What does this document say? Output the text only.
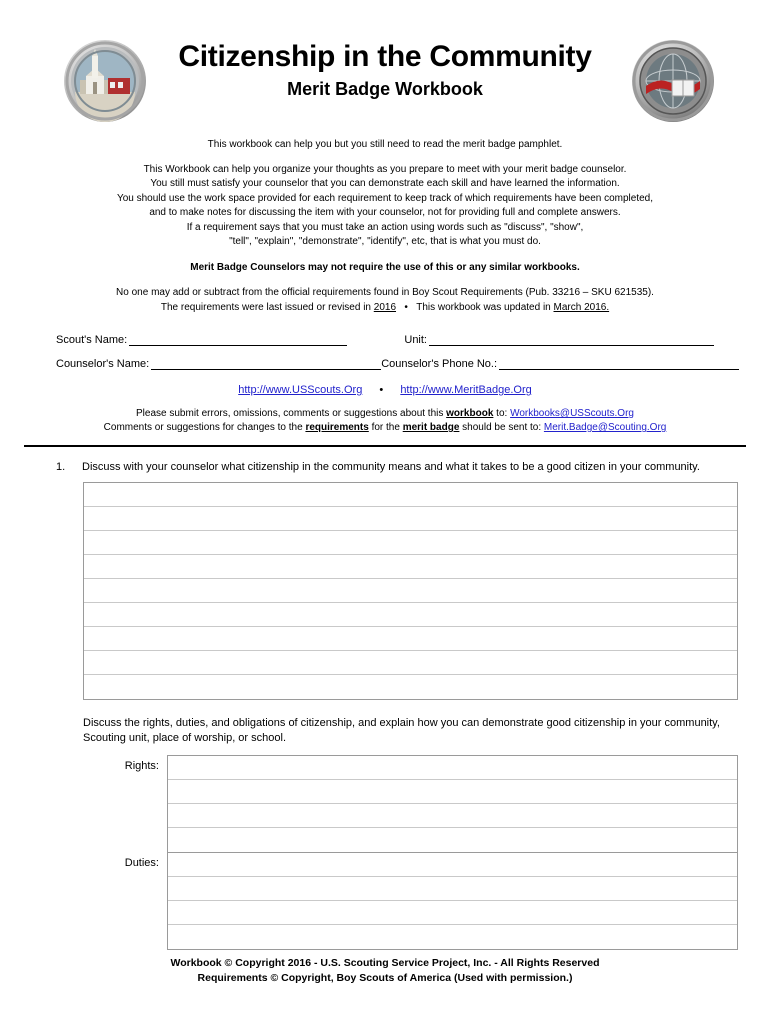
Citizenship in the Community
Merit Badge Workbook
This workbook can help you but you still need to read the merit badge pamphlet.
This Workbook can help you organize your thoughts as you prepare to meet with your merit badge counselor.
You still must satisfy your counselor that you can demonstrate each skill and have learned the information.
You should use the work space provided for each requirement to keep track of which requirements have been completed,
and to make notes for discussing the item with your counselor, not for providing full and complete answers.
If a requirement says that you must take an action using words such as "discuss", "show",
"tell", "explain", "demonstrate", "identify", etc, that is what you must do.
Merit Badge Counselors may not require the use of this or any similar workbooks.
No one may add or subtract from the official requirements found in Boy Scout Requirements (Pub. 33216 – SKU 621535).
The requirements were last issued or revised in 2016 • This workbook was updated in March 2016.
Scout's Name:	Unit:
Counselor's Name:	Counselor's Phone No.:
http://www.USScouts.Org • http://www.MeritBadge.Org
Please submit errors, omissions, comments or suggestions about this workbook to: Workbooks@USScouts.Org
Comments or suggestions for changes to the requirements for the merit badge should be sent to: Merit.Badge@Scouting.Org
1.	Discuss with your counselor what citizenship in the community means and what it takes to be a good citizen in your community.
Discuss the rights, duties, and obligations of citizenship, and explain how you can demonstrate good citizenship in your community, Scouting unit, place of worship, or school.
Rights:
Duties:
Workbook © Copyright 2016 - U.S. Scouting Service Project, Inc. - All Rights Reserved
Requirements © Copyright, Boy Scouts of America (Used with permission.)
